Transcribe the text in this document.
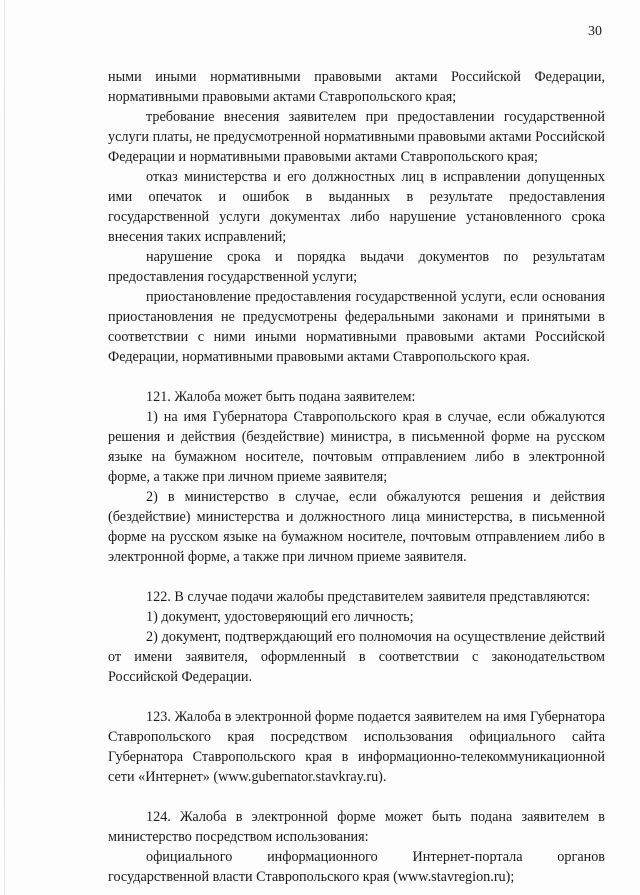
30

ными иными нормативными правовыми актами Российской Федерации, нормативными правовыми актами Ставропольского края;

требование внесения заявителем при предоставлении государственной услуги платы, не предусмотренной нормативными правовыми актами Российской Федерации и нормативными правовыми актами Ставропольского края;

отказ министерства и его должностных лиц в исправлении допущенных ими опечаток и ошибок в выданных в результате предоставления государственной услуги документах либо нарушение установленного срока внесения таких исправлений;

нарушение срока и порядка выдачи документов по результатам предоставления государственной услуги;

приостановление предоставления государственной услуги, если основания приостановления не предусмотрены федеральными законами и принятыми в соответствии с ними иными нормативными правовыми актами Российской Федерации, нормативными правовыми актами Ставропольского края.

121. Жалоба может быть подана заявителем:

1) на имя Губернатора Ставропольского края в случае, если обжалуются решения и действия (бездействие) министра, в письменной форме на русском языке на бумажном носителе, почтовым отправлением либо в электронной форме, а также при личном приеме заявителя;

2) в министерство в случае, если обжалуются решения и действия (бездействие) министерства и должностного лица министерства, в письменной форме на русском языке на бумажном носителе, почтовым отправлением либо в электронной форме, а также при личном приеме заявителя.

122. В случае подачи жалобы представителем заявителя представляются:

1) документ, удостоверяющий его личность;

2) документ, подтверждающий его полномочия на осуществление действий от имени заявителя, оформленный в соответствии с законодательством Российской Федерации.

123. Жалоба в электронной форме подается заявителем на имя Губернатора Ставропольского края посредством использования официального сайта Губернатора Ставропольского края в информационно-телекоммуникационной сети «Интернет» (www.gubernator.stavkray.ru).

124. Жалоба в электронной форме может быть подана заявителем в министерство посредством использования:

официального информационного Интернет-портала органов государственной власти Ставропольского края (www.stavregion.ru);
